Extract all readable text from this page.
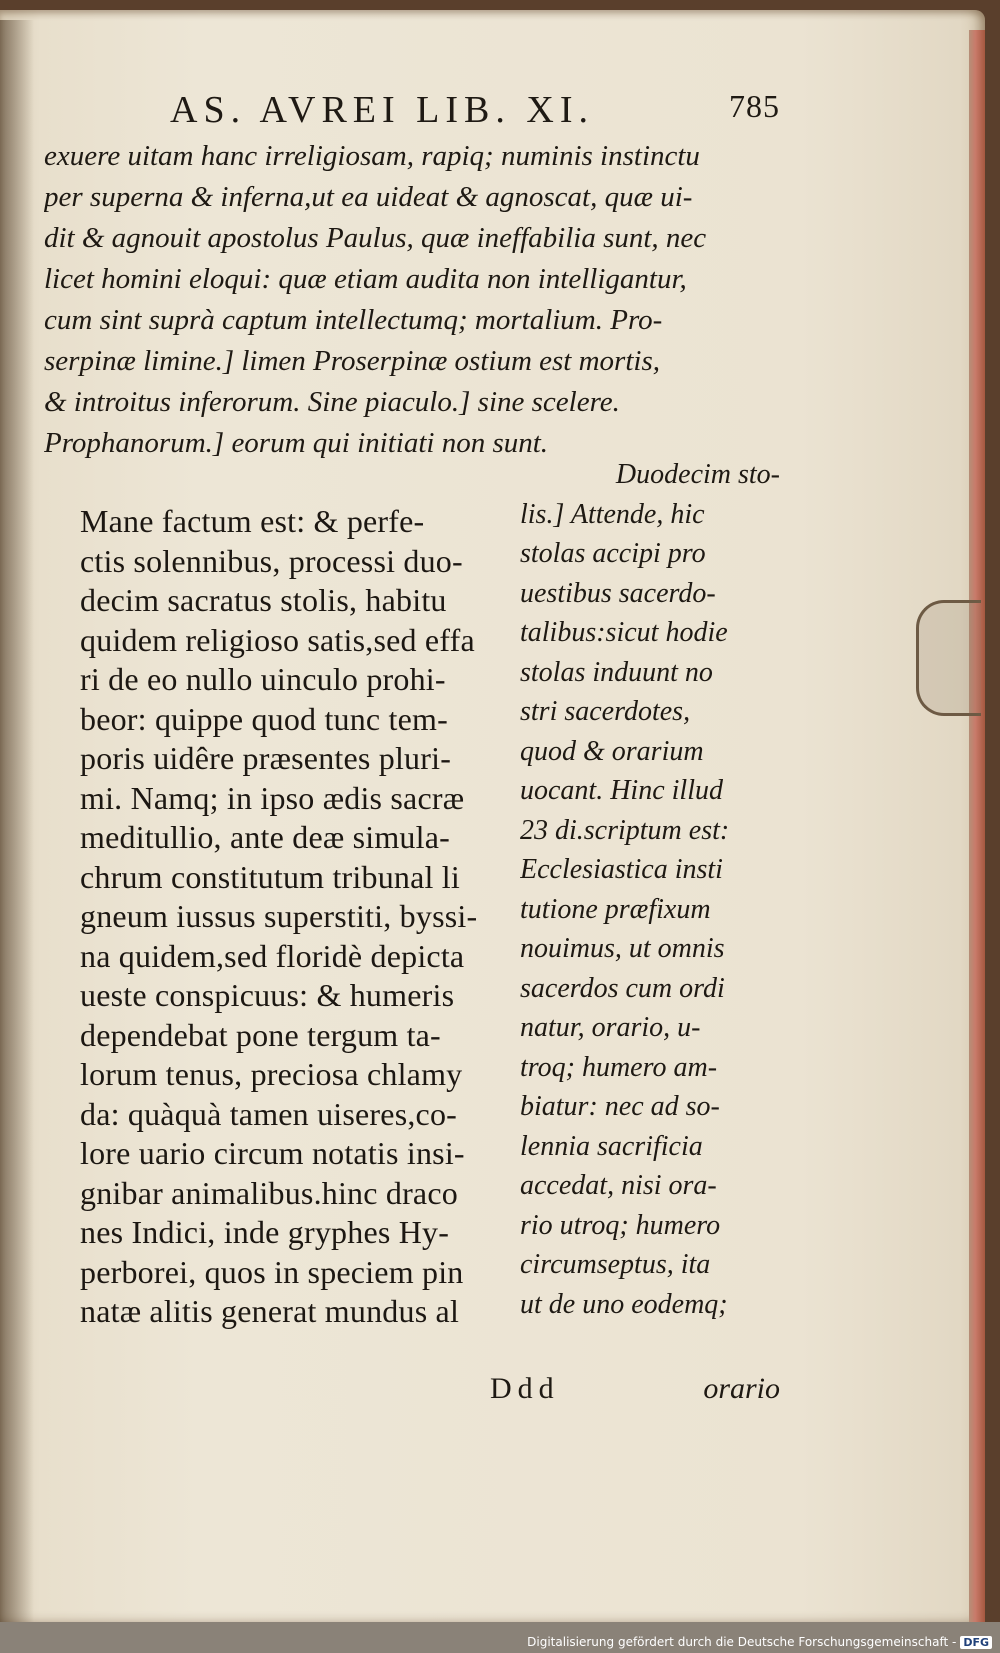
AS. AVREI LIB. XI.	785
exuere uitam hanc irreligiosam, rapiq; numinis instinctu
per superna & inferna,ut ea uideat & agnoscat, quæ ui-
dit & agnouit apostolus Paulus, quæ ineffabilia sunt, nec
licet homini eloqui: quæ etiam audita non intelligantur,
cum sint suprà captum intellectumq; mortalium. Pro-
serpinæ limine.] limen Proserpinæ ostium est mortis,
& introitus inferorum. Sine piaculo.] sine scelere.
Prophanorum.] eorum qui initiati non sunt.
Mane factum est: & perfe-
ctis solennibus, processi duo-
decim sacratus stolis, habitu
quidem religioso satis,sed effa
ri de eo nullo uinculo prohi-
beor: quippe quod tunc tem-
poris uidêre præsentes pluri-
mi. Namq; in ipso ædis sacræ
meditullio, ante deæ simula-
chrum constitutum tribunal li
gneum iussus superstiti, byssi-
na quidem,sed floridè depicta
ueste conspicuus: & humeris
dependebat pone tergum ta-
lorum tenus, preciosa chlamy
da: quàquà tamen uiseres,co-
lore uario circum notatis insi-
gnibar animalibus.hinc draco
nes Indici, inde gryphes Hy-
perborei, quos in speciem pin
natæ alitis generat mundus al
Duodecim sto-
lis.] Attende, hic
stolas accipi pro
uestibus sacerdo-
talibus:sicut hodie
stolas induunt no
stri sacerdotes,
quod & orarium
uocant. Hinc illud
23 di.scriptum est:
Ecclesiastica insti
tutione præfixum
nouimus, ut omnis
sacerdos cum ordi
natur, orario, u-
troq; humero am-
biatur: nec ad so-
lennia sacrificia
accedat, nisi ora-
rio utroq; humero
circumseptus, ita
ut de uno eodemq;
Ddd	orario
Digitalisierung gefördert durch die Deutsche Forschungsgemeinschaft - DFG
